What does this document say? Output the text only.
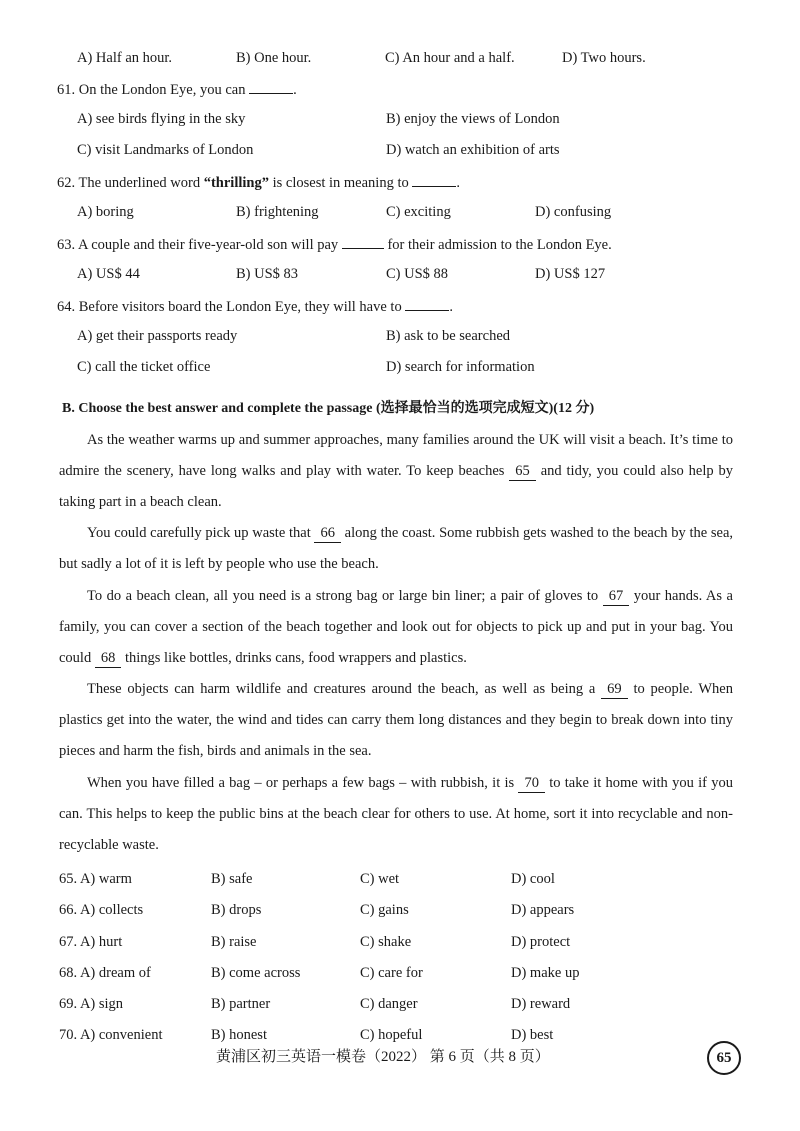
A) Half an hour.	B) One hour.	C) An hour and a half.	D) Two hours.
61. On the London Eye, you can	.
A) see birds flying in the sky	B) enjoy the views of London
C) visit Landmarks of London	D) watch an exhibition of arts
62. The underlined word “thrilling” is closest in meaning to	.
A) boring	B) frightening	C) exciting	D) confusing
63. A couple and their five-year-old son will pay	for their admission to the London Eye.
A) US$ 44	B) US$ 83	C) US$ 88	D) US$ 127
64. Before visitors board the London Eye, they will have to	.
A) get their passports ready	B) ask to be searched
C) call the ticket office	D) search for information
B. Choose the best answer and complete the passage (选择最恰当的选项完成短文)(12 分)
As the weather warms up and summer approaches, many families around the UK will visit a beach. It’s time to admire the scenery, have long walks and play with water. To keep beaches 65 and tidy, you could also help by taking part in a beach clean.
You could carefully pick up waste that 66 along the coast. Some rubbish gets washed to the beach by the sea, but sadly a lot of it is left by people who use the beach.
To do a beach clean, all you need is a strong bag or large bin liner; a pair of gloves to 67 your hands. As a family, you can cover a section of the beach together and look out for objects to pick up and put in your bag. You could 68 things like bottles, drinks cans, food wrappers and plastics.
These objects can harm wildlife and creatures around the beach, as well as being a 69 to people. When plastics get into the water, the wind and tides can carry them long distances and they begin to break down into tiny pieces and harm the fish, birds and animals in the sea.
When you have filled a bag – or perhaps a few bags – with rubbish, it is 70 to take it home with you if you can. This helps to keep the public bins at the beach clear for others to use. At home, sort it into recyclable and non-recyclable waste.
65. A) warm	B) safe	C) wet	D) cool
66. A) collects	B) drops	C) gains	D) appears
67. A) hurt	B) raise	C) shake	D) protect
68. A) dream of	B) come across	C) care for	D) make up
69. A) sign	B) partner	C) danger	D) reward
70. A) convenient	B) honest	C) hopeful	D) best
黄浦区初三英语一模卷（2022） 第 6 页（共 8 页）	65
